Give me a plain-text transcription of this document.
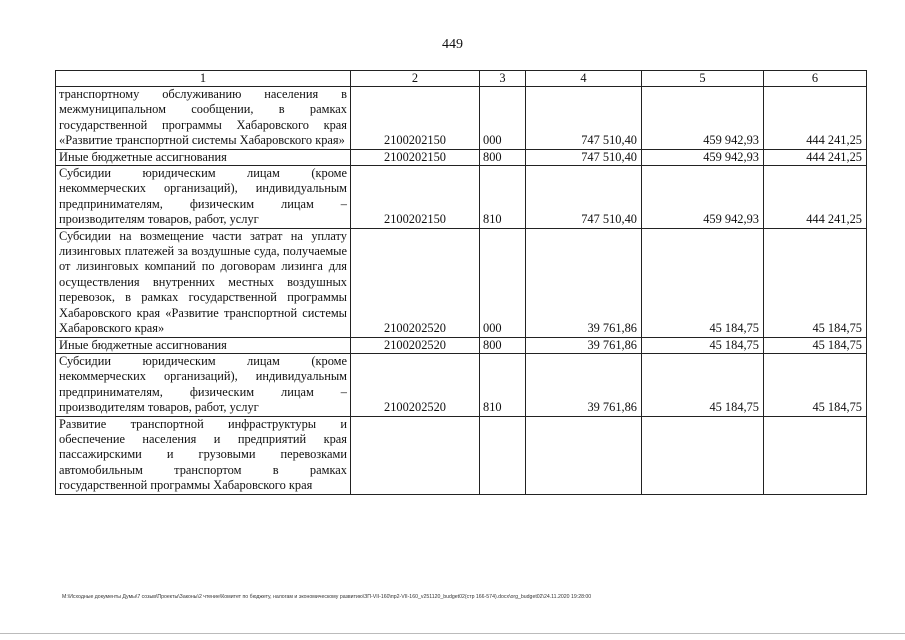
449
1	2	3	4	5	6
транспортному обслуживанию населения в межмуниципальном сообщении, в рамках государственной программы Хабаровского края «Развитие транспортной системы Хабаровского края»	2100202150	000	747 510,40	459 942,93	444 241,25
Иные бюджетные ассигнования	2100202150	800	747 510,40	459 942,93	444 241,25
Субсидии юридическим лицам (кроме некоммерческих организаций), индивидуальным предпринимателям, физическим лицам – производителям товаров, работ, услуг	2100202150	810	747 510,40	459 942,93	444 241,25
Субсидии на возмещение части затрат на уплату лизинговых платежей за воздушные суда, получаемые от лизинговых компаний по договорам лизинга для осуществления внутренних местных воздушных перевозок, в рамках государственной программы Хабаровского края «Развитие транспортной системы Хабаровского края»	2100202520	000	39 761,86	45 184,75	45 184,75
Иные бюджетные ассигнования	2100202520	800	39 761,86	45 184,75	45 184,75
Субсидии юридическим лицам (кроме некоммерческих организаций), индивидуальным предпринимателям, физическим лицам – производителям товаров, работ, услуг	2100202520	810	39 761,86	45 184,75	45 184,75
Развитие транспортной инфраструктуры и обеспечение населения и предприятий края пассажирскими и грузовыми перевозками автомобильным транспортом в рамках государственной программы Хабаровского края					
M:\Исходные документы Думы\7 созыв\Проекты\Законы\2 чтение\Комитет по бюджету, налогам и экономическому развитию\ЗП-VII-160\пр2-VII-160_v251120_budget02(стр 166-574).docx\org_budget02\24.11.2020 19:28:00
